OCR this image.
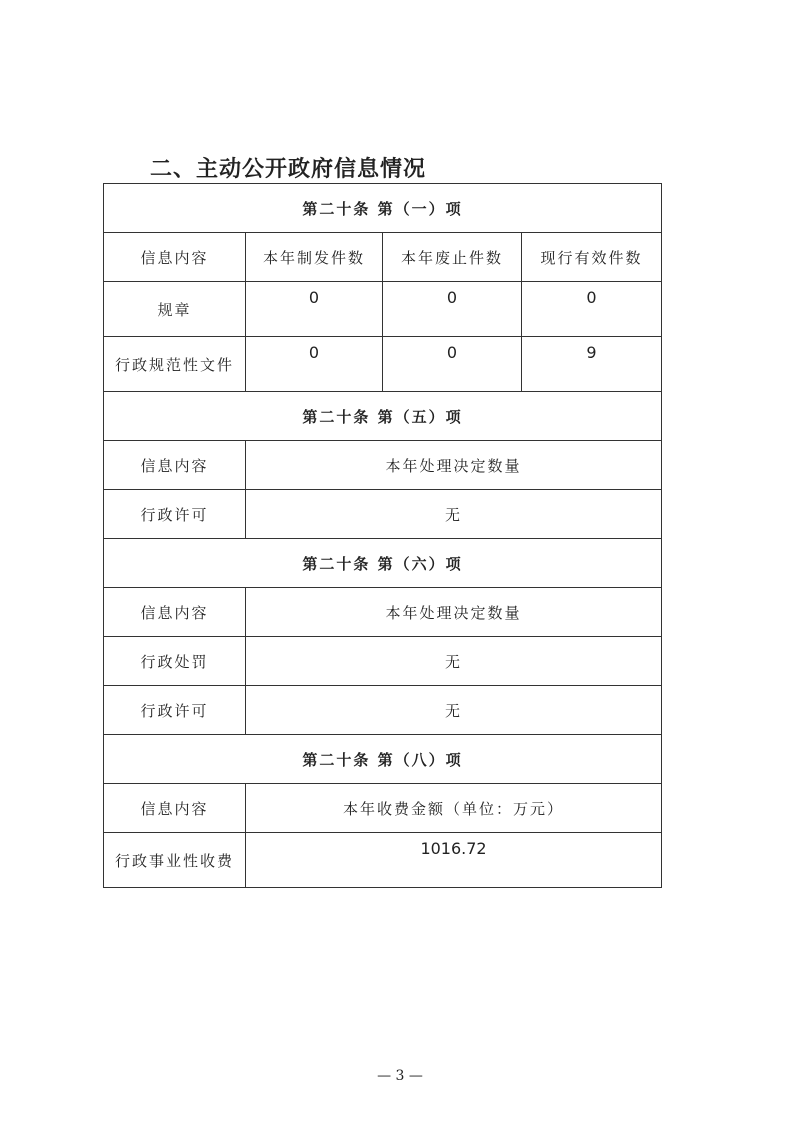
二、主动公开政府信息情况
第二十条 第（一）项			
信息内容	本年制发件数	本年废止件数	现行有效件数
规章	0	0	0
行政规范性文件	0	0	9
第二十条 第（五）项			
信息内容	本年处理决定数量		
行政许可	无		
第二十条 第（六）项			
信息内容	本年处理决定数量		
行政处罚	无		
行政许可	无		
第二十条 第（八）项			
信息内容	本年收费金额（单位：万元）		
行政事业性收费	1016.72		
— 3 —
